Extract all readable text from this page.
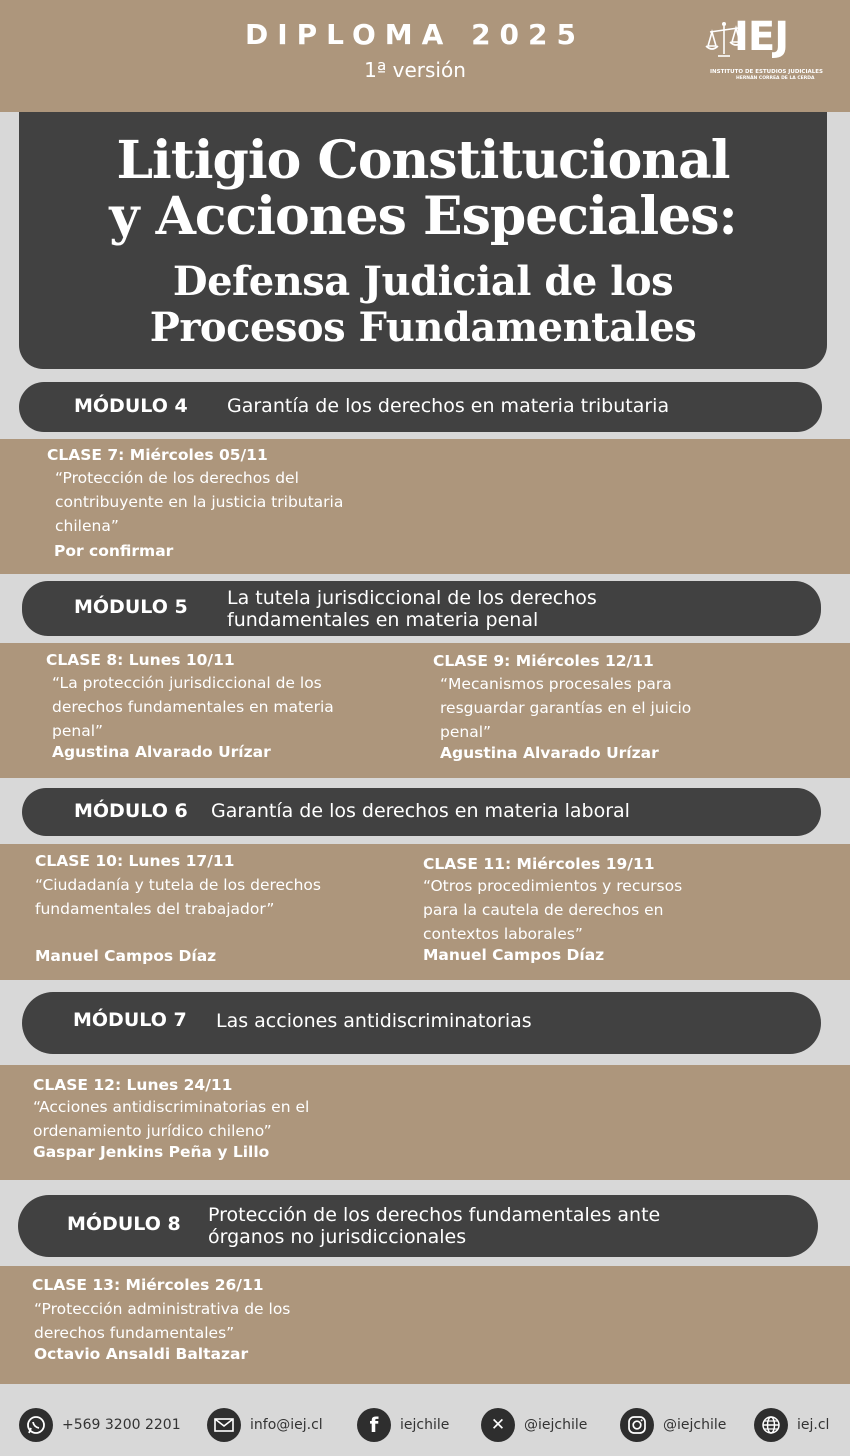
DIPLOMA 2025
1ª versión
IEJ
INSTITUTO DE ESTUDIOS JUDICIALES
HERNÁN CORREA DE LA CERDA
Litigio Constitucional
y Acciones Especiales:
Defensa Judicial de los
Procesos Fundamentales
MÓDULO 4 Garantía de los derechos en materia tributaria
CLASE 7: Miércoles 05/11
“Protección de los derechos del contribuyente en la justicia tributaria chilena”
Por confirmar
MÓDULO 5 La tutela jurisdiccional de los derechos fundamentales en materia penal
CLASE 8: Lunes 10/11
“La protección jurisdiccional de los derechos fundamentales en materia penal”
Agustina Alvarado Urízar
CLASE 9: Miércoles 12/11
“Mecanismos procesales para resguardar garantías en el juicio penal”
Agustina Alvarado Urízar
MÓDULO 6 Garantía de los derechos en materia laboral
CLASE 10: Lunes 17/11
“Ciudadanía y tutela de los derechos fundamentales del trabajador”
Manuel Campos Díaz
CLASE 11: Miércoles 19/11
“Otros procedimientos y recursos para la cautela de derechos en contextos laborales”
Manuel Campos Díaz
MÓDULO 7 Las acciones antidiscriminatorias
CLASE 12: Lunes 24/11
“Acciones antidiscriminatorias en el ordenamiento jurídico chileno”
Gaspar Jenkins Peña y Lillo
MÓDULO 8 Protección de los derechos fundamentales ante órganos no jurisdiccionales
CLASE 13: Miércoles 26/11
“Protección administrativa de los derechos fundamentales”
Octavio Ansaldi Baltazar
+569 3200 2201	info@iej.cl f iejchile ✕ @iejchile	@iejchile	iej.cl
